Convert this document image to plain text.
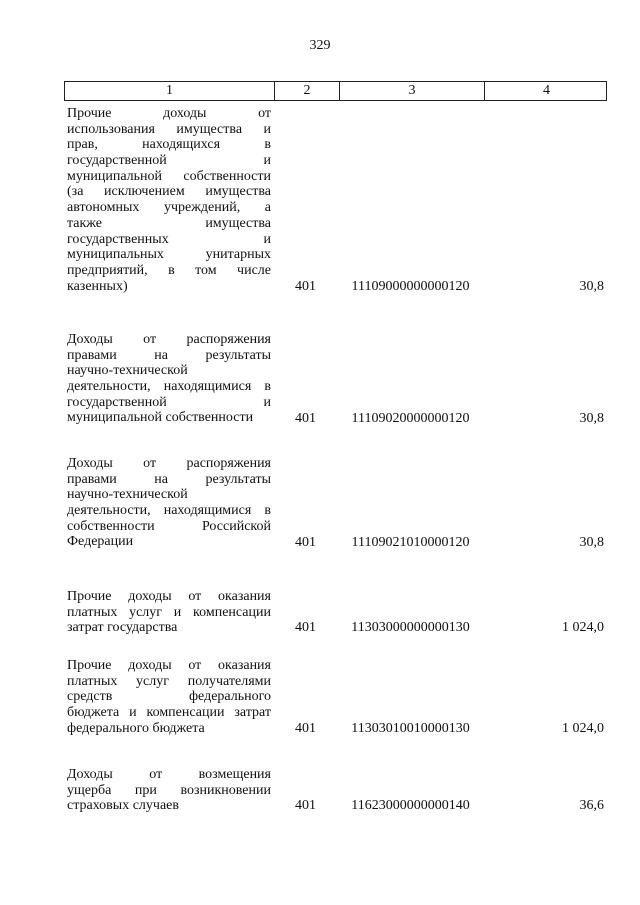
329
1	2	3	4
Прочие доходы от
использования имущества и
прав, находящихся в
государственной и
муниципальной собственности
(за исключением имущества
автономных учреждений, а
также имущества
государственных и
муниципальных унитарных
предприятий, в том числе
казенных)	401	11109000000000120	30,8
Доходы от распоряжения
правами на результаты
научно-технической
деятельности, находящимися в
государственной и
муниципальной собственности	401	11109020000000120	30,8
Доходы от распоряжения
правами на результаты
научно-технической
деятельности, находящимися в
собственности Российской
Федерации	401	11109021010000120	30,8
Прочие доходы от оказания
платных услуг и компенсации
затрат государства	401	11303000000000130	1 024,0
Прочие доходы от оказания
платных услуг получателями
средств федерального
бюджета и компенсации затрат
федерального бюджета	401	11303010010000130	1 024,0
Доходы от возмещения
ущерба при возникновении
страховых случаев	401	11623000000000140	36,6
